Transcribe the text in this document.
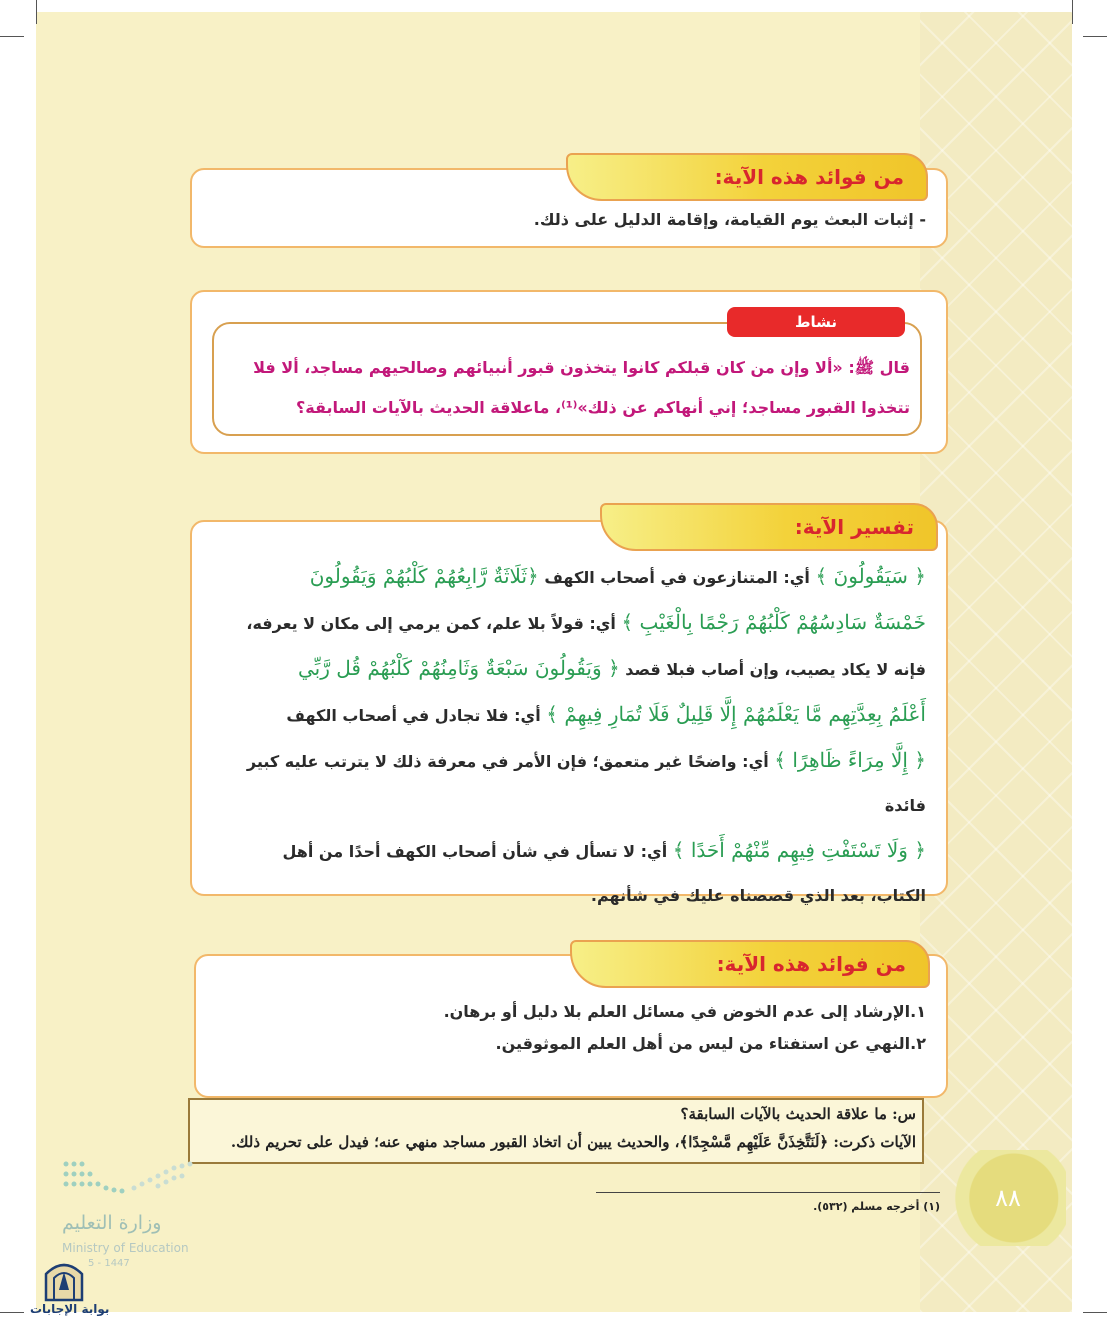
- إثبات البعث يوم القيامة، وإقامة الدليل على ذلك.
من فوائد هذه الآية:
قال ﷺ: «ألا وإن من كان قبلكم كانوا يتخذون قبور أنبيائهم وصالحيهم مساجد، ألا فلا
تتخذوا القبور مساجد؛ إني أنهاكم عن ذلك»⁽¹⁾، ماعلاقة الحديث بالآيات السابقة؟
نشاط
تفسير الآية:
﴿ سَيَقُولُونَ ﴾ أي: المتنازعون في أصحاب الكهف ﴿ثَلَاثَةٌ رَّابِعُهُمْ كَلْبُهُمْ وَيَقُولُونَ
خَمْسَةٌ سَادِسُهُمْ كَلْبُهُمْ رَجْمًا بِالْغَيْبِ ﴾ أي: قولاً بلا علم، كمن يرمي إلى مكان لا يعرفه،
فإنه لا يكاد يصيب، وإن أصاب فبلا قصد ﴿ وَيَقُولُونَ سَبْعَةٌ وَثَامِنُهُمْ كَلْبُهُمْ قُل رَّبِّي
أَعْلَمُ بِعِدَّتِهِم مَّا يَعْلَمُهُمْ إِلَّا قَلِيلٌ فَلَا تُمَارِ فِيهِمْ ﴾ أي: فلا تجادل في أصحاب الكهف
﴿ إِلَّا مِرَاءً ظَاهِرًا ﴾ أي: واضحًا غير متعمق؛ فإن الأمر في معرفة ذلك لا يترتب عليه كبير فائدة
﴿ وَلَا تَسْتَفْتِ فِيهِم مِّنْهُمْ أَحَدًا ﴾ أي: لا تسأل في شأن أصحاب الكهف أحدًا من أهل
الكتاب، بعد الذي قصصناه عليك في شأنهم.
١.الإرشاد إلى عدم الخوض في مسائل العلم بلا دليل أو برهان.
٢.النهي عن استفتاء من ليس من أهل العلم الموثوقين.
من فوائد هذه الآية:
س: ما علاقة الحديث بالآيات السابقة؟
الآيات ذكرت: ﴿لَنَتَّخِذَنَّ عَلَيْهِم مَّسْجِدًا﴾، والحديث يبين أن اتخاذ القبور مساجد منهي عنه؛ فيدل على تحريم ذلك.
٨٨
(١) أخرجه مسلم (٥٣٢).
وزارة التعليم
Ministry of Education
5 - 1447
بوابة الإجابات
